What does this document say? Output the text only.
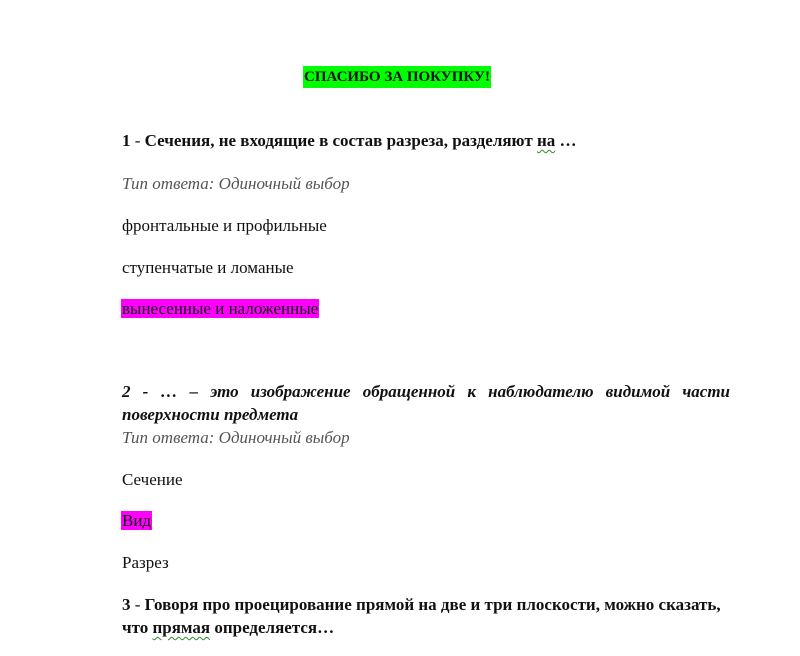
СПАСИБО ЗА ПОКУПКУ!
1 - Сечения, не входящие в состав разреза, разделяют на …
Тип ответа: Одиночный выбор
фронтальные и профильные
ступенчатые и ломаные
вынесенные и наложенные
2 - … – это изображение обращенной к наблюдателю видимой части поверхности предмета
Тип ответа: Одиночный выбор
Сечение
Вид
Разрез
3 - Говоря про проецирование прямой на две и три плоскости, можно сказать, что прямая определяется…
